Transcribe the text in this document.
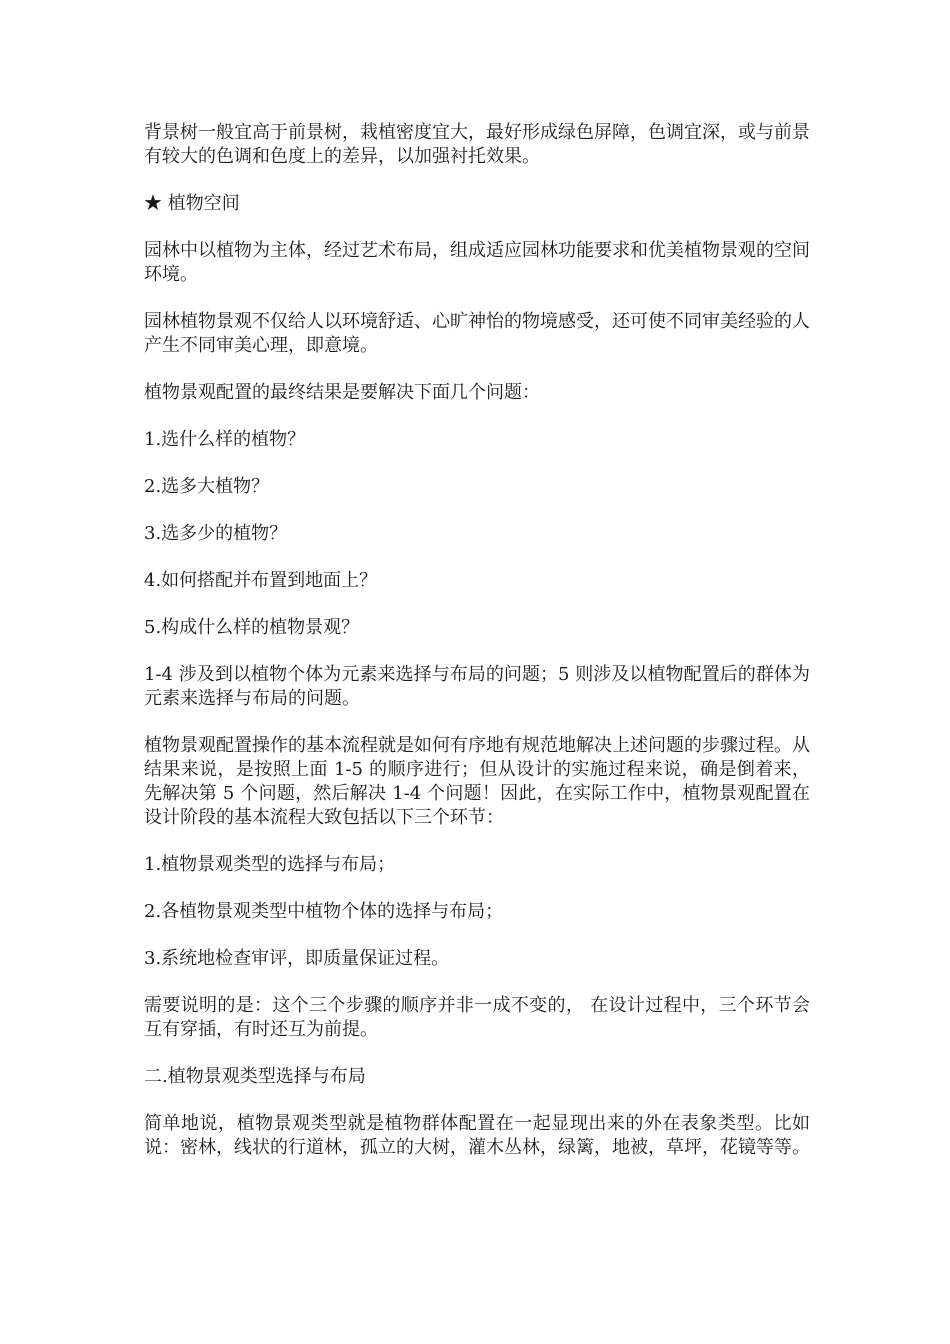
背景树一般宜高于前景树，栽植密度宜大，最好形成绿色屏障，色调宜深，或与前景有较大的色调和色度上的差异，以加强衬托效果。

★ 植物空间

园林中以植物为主体，经过艺术布局，组成适应园林功能要求和优美植物景观的空间环境。

园林植物景观不仅给人以环境舒适、心旷神怡的物境感受，还可使不同审美经验的人产生不同审美心理，即意境。

植物景观配置的最终结果是要解决下面几个问题：

1.选什么样的植物？

2.选多大植物？

3.选多少的植物？

4.如何搭配并布置到地面上？

5.构成什么样的植物景观？

1-4 涉及到以植物个体为元素来选择与布局的问题；5 则涉及以植物配置后的群体为元素来选择与布局的问题。

植物景观配置操作的基本流程就是如何有序地有规范地解决上述问题的步骤过程。从结果来说，是按照上面 1-5 的顺序进行；但从设计的实施过程来说，确是倒着来，先解决第 5 个问题，然后解决 1-4 个问题！因此，在实际工作中，植物景观配置在设计阶段的基本流程大致包括以下三个环节：

1.植物景观类型的选择与布局；

2.各植物景观类型中植物个体的选择与布局；

3.系统地检查审评，即质量保证过程。

需要说明的是：这个三个步骤的顺序并非一成不变的， 在设计过程中，三个环节会互有穿插，有时还互为前提。

二.植物景观类型选择与布局

简单地说，植物景观类型就是植物群体配置在一起显现出来的外在表象类型。比如说：密林，线状的行道林，孤立的大树，灌木丛林，绿篱，地被，草坪，花镜等等。
